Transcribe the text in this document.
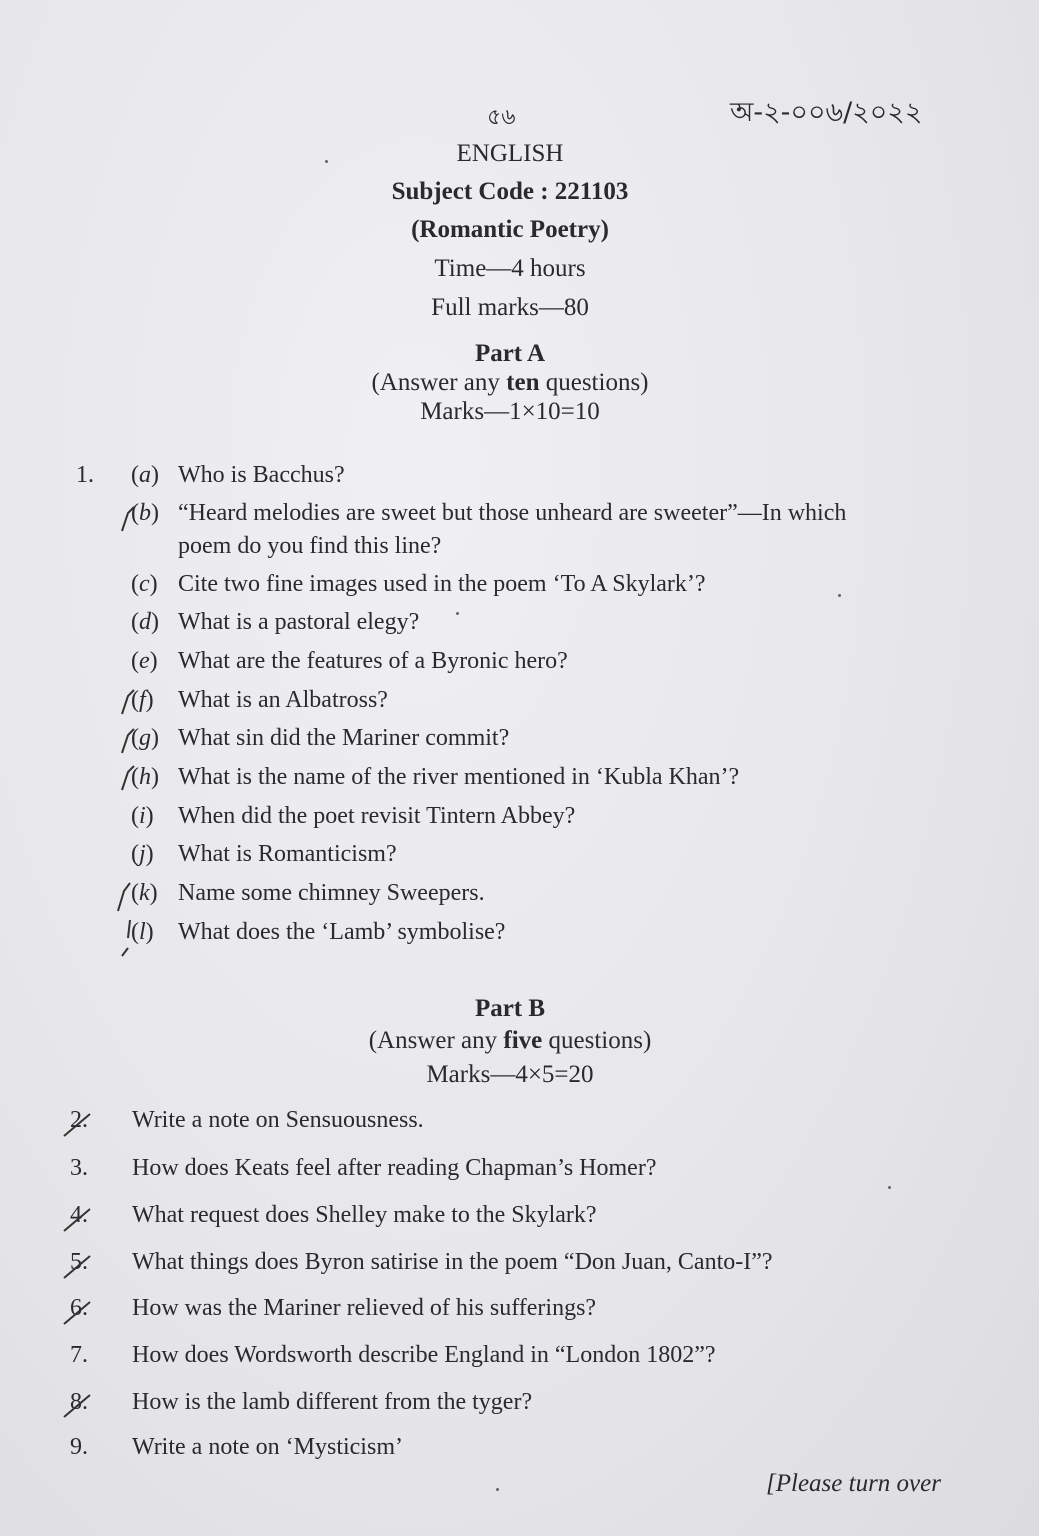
৫৬	অ-২-০০৬/২০২২
ENGLISH
Subject Code : 221103
(Romantic Poetry)
Time—4 hours
Full marks—80
Part A
(Answer any ten questions)
Marks—1×10=10
1. (a) Who is Bacchus?
(b) “Heard melodies are sweet but those unheard are sweeter”—In which
poem do you find this line?
(c) Cite two fine images used in the poem ‘To A Skylark’?
(d) What is a pastoral elegy?
(e) What are the features of a Byronic hero?
(f) What is an Albatross?
(g) What sin did the Mariner commit?
(h) What is the name of the river mentioned in ‘Kubla Khan’?
(i) When did the poet revisit Tintern Abbey?
(j) What is Romanticism?
(k) Name some chimney Sweepers.
(l) What does the ‘Lamb’ symbolise?
Part B
(Answer any five questions)
Marks—4×5=20
2. Write a note on Sensuousness.
3. How does Keats feel after reading Chapman’s Homer?
4. What request does Shelley make to the Skylark?
5. What things does Byron satirise in the poem “Don Juan, Canto-I”?
6. How was the Mariner relieved of his sufferings?
7. How does Wordsworth describe England in “London 1802”?
8. How is the lamb different from the tyger?
9. Write a note on ‘Mysticism’
[Please turn over
